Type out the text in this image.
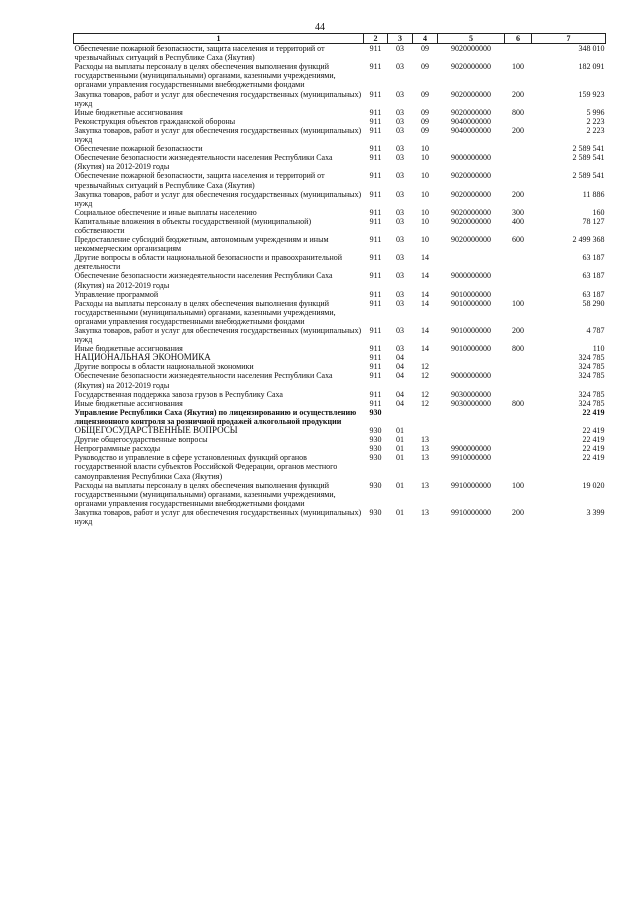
44
1	2	3	4	5	6	7
Обеспечение пожарной безопасности, защита населения и территорий от чрезвычайных ситуаций в Республике Саха (Якутия)	911	03	09	9020000000		348 010
Расходы на выплаты персоналу в целях обеспечения выполнения функций государственными (муниципальными) органами, казенными учреждениями, органами управления государственными внебюджетными фондами	911	03	09	9020000000	100	182 091
Закупка товаров, работ и услуг для обеспечения государственных (муниципальных) нужд	911	03	09	9020000000	200	159 923
Иные бюджетные ассигнования	911	03	09	9020000000	800	5 996
Реконструкция объектов гражданской обороны	911	03	09	9040000000		2 223
Закупка товаров, работ и услуг для обеспечения государственных (муниципальных) нужд	911	03	09	9040000000	200	2 223
Обеспечение пожарной безопасности	911	03	10			2 589 541
Обеспечение безопасности жизнедеятельности населения Республики Саха (Якутия) на 2012-2019 годы	911	03	10	9000000000		2 589 541
Обеспечение пожарной безопасности, защита населения и территорий от чрезвычайных ситуаций в Республике Саха (Якутия)	911	03	10	9020000000		2 589 541
Закупка товаров, работ и услуг для обеспечения государственных (муниципальных) нужд	911	03	10	9020000000	200	11 886
Социальное обеспечение и иные выплаты населению	911	03	10	9020000000	300	160
Капитальные вложения в объекты государственной (муниципальной) собственности	911	03	10	9020000000	400	78 127
Предоставление субсидий бюджетным, автономным учреждениям и иным некоммерческим организациям	911	03	10	9020000000	600	2 499 368
Другие вопросы в области национальной безопасности и правоохранительной деятельности	911	03	14			63 187
Обеспечение безопасности жизнедеятельности населения Республики Саха (Якутия) на 2012-2019 годы	911	03	14	9000000000		63 187
Управление программой	911	03	14	9010000000		63 187
Расходы на выплаты персоналу в целях обеспечения выполнения функций государственными (муниципальными) органами, казенными учреждениями, органами управления государственными внебюджетными фондами	911	03	14	9010000000	100	58 290
Закупка товаров, работ и услуг для обеспечения государственных (муниципальных) нужд	911	03	14	9010000000	200	4 787
Иные бюджетные ассигнования	911	03	14	9010000000	800	110
НАЦИОНАЛЬНАЯ ЭКОНОМИКА	911	04				324 785
Другие вопросы в области национальной экономики	911	04	12			324 785
Обеспечение безопасности жизнедеятельности населения Республики Саха (Якутия) на 2012-2019 годы	911	04	12	9000000000		324 785
Государственная поддержка завоза грузов в Республику Саха	911	04	12	9030000000		324 785
Иные бюджетные ассигнования	911	04	12	9030000000	800	324 785
Управление Республики Саха (Якутия) по лицензированию и осуществлению лицензионного контроля за розничной продажей алкогольной продукции	930					22 419
ОБЩЕГОСУДАРСТВЕННЫЕ ВОПРОСЫ	930	01				22 419
Другие общегосударственные вопросы	930	01	13			22 419
Непрограммные расходы	930	01	13	9900000000		22 419
Руководство и управление в сфере установленных функций органов государственной власти субъектов Российской Федерации, органов местного самоуправления Республики Саха (Якутия)	930	01	13	9910000000		22 419
Расходы на выплаты персоналу в целях обеспечения выполнения функций государственными (муниципальными) органами, казенными учреждениями, органами управления государственными внебюджетными фондами	930	01	13	9910000000	100	19 020
Закупка товаров, работ и услуг для обеспечения государственных (муниципальных) нужд	930	01	13	9910000000	200	3 399
